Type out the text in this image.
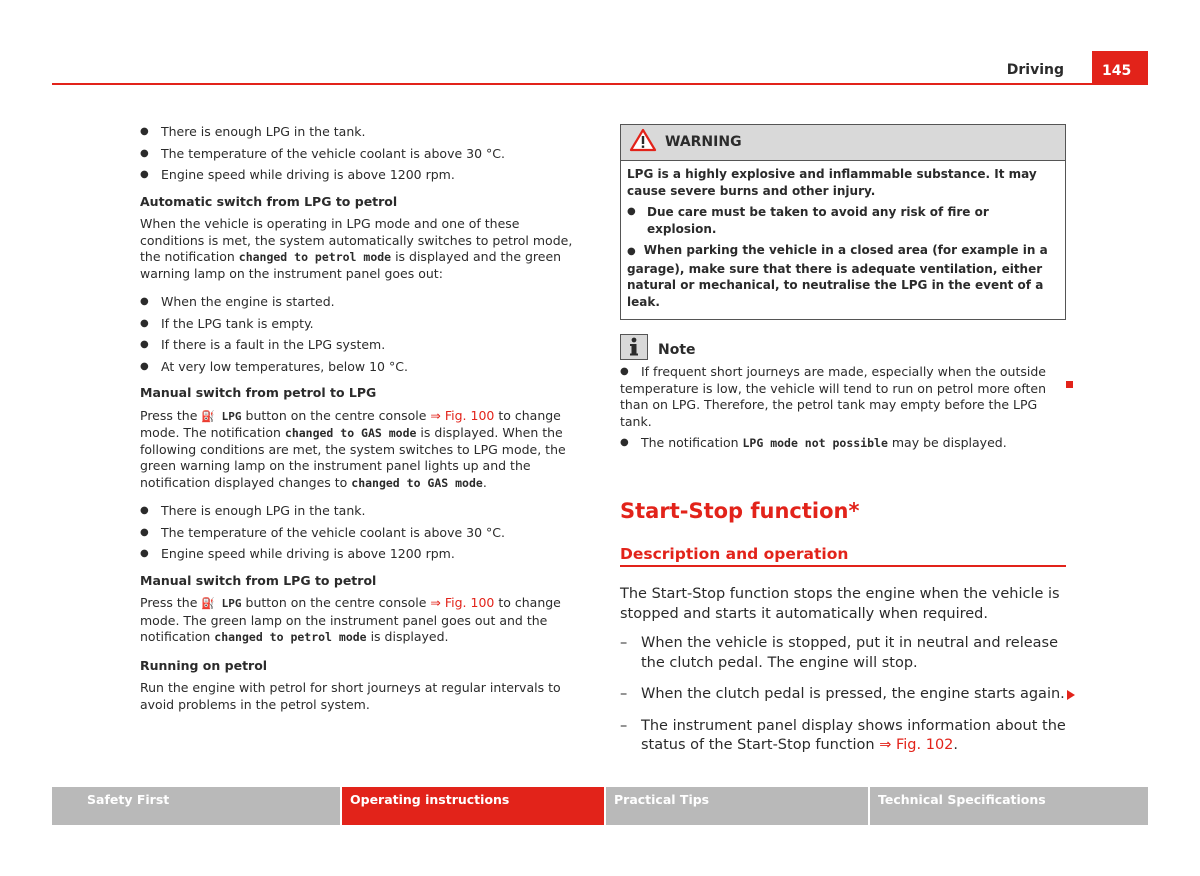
Driving	145
● There is enough LPG in the tank.
● The temperature of the vehicle coolant is above 30 °C.
● Engine speed while driving is above 1200 rpm.
Automatic switch from LPG to petrol

When the vehicle is operating in LPG mode and one of these conditions is met, the system automatically switches to petrol mode, the notification changed to petrol mode is displayed and the green warning lamp on the instrument panel goes out:

● When the engine is started.
● If the LPG tank is empty.
● If there is a fault in the LPG system.
● At very low temperatures, below 10 °C.
Manual switch from petrol to LPG

Press the ⛽ LPG button on the centre console ⇒ Fig. 100 to change mode. The notification changed to GAS mode is displayed. When the following conditions are met, the system switches to LPG mode, the green warning lamp on the instrument panel lights up and the notification displayed changes to changed to GAS mode.

● There is enough LPG in the tank.
● The temperature of the vehicle coolant is above 30 °C.
● Engine speed while driving is above 1200 rpm.
Manual switch from LPG to petrol

Press the ⛽ LPG button on the centre console ⇒ Fig. 100 to change mode. The green lamp on the instrument panel goes out and the notification changed to petrol mode is displayed.

Running on petrol

Run the engine with petrol for short journeys at regular intervals to avoid problems in the petrol system.

WARNING

LPG is a highly explosive and inflammable substance. It may cause severe burns and other injury.

● Due care must be taken to avoid any risk of fire or explosion.

● When parking the vehicle in a closed area (for example in a garage), make sure that there is adequate ventilation, either natural or mechanical, to neutralise the LPG in the event of a leak.

Note
● If frequent short journeys are made, especially when the outside temperature is low, the vehicle will tend to run on petrol more often than on LPG. Therefore, the petrol tank may empty before the LPG tank.
● The notification LPG mode not possible may be displayed.
Start-Stop function*
Description and operation

The Start-Stop function stops the engine when the vehicle is stopped and starts it automatically when required.

– When the vehicle is stopped, put it in neutral and release the clutch pedal. The engine will stop.
– When the clutch pedal is pressed, the engine starts again.
– The instrument panel display shows information about the status of the Start-Stop function ⇒ Fig. 102.
Safety First	Operating instructions	Practical Tips	Technical Specifications
